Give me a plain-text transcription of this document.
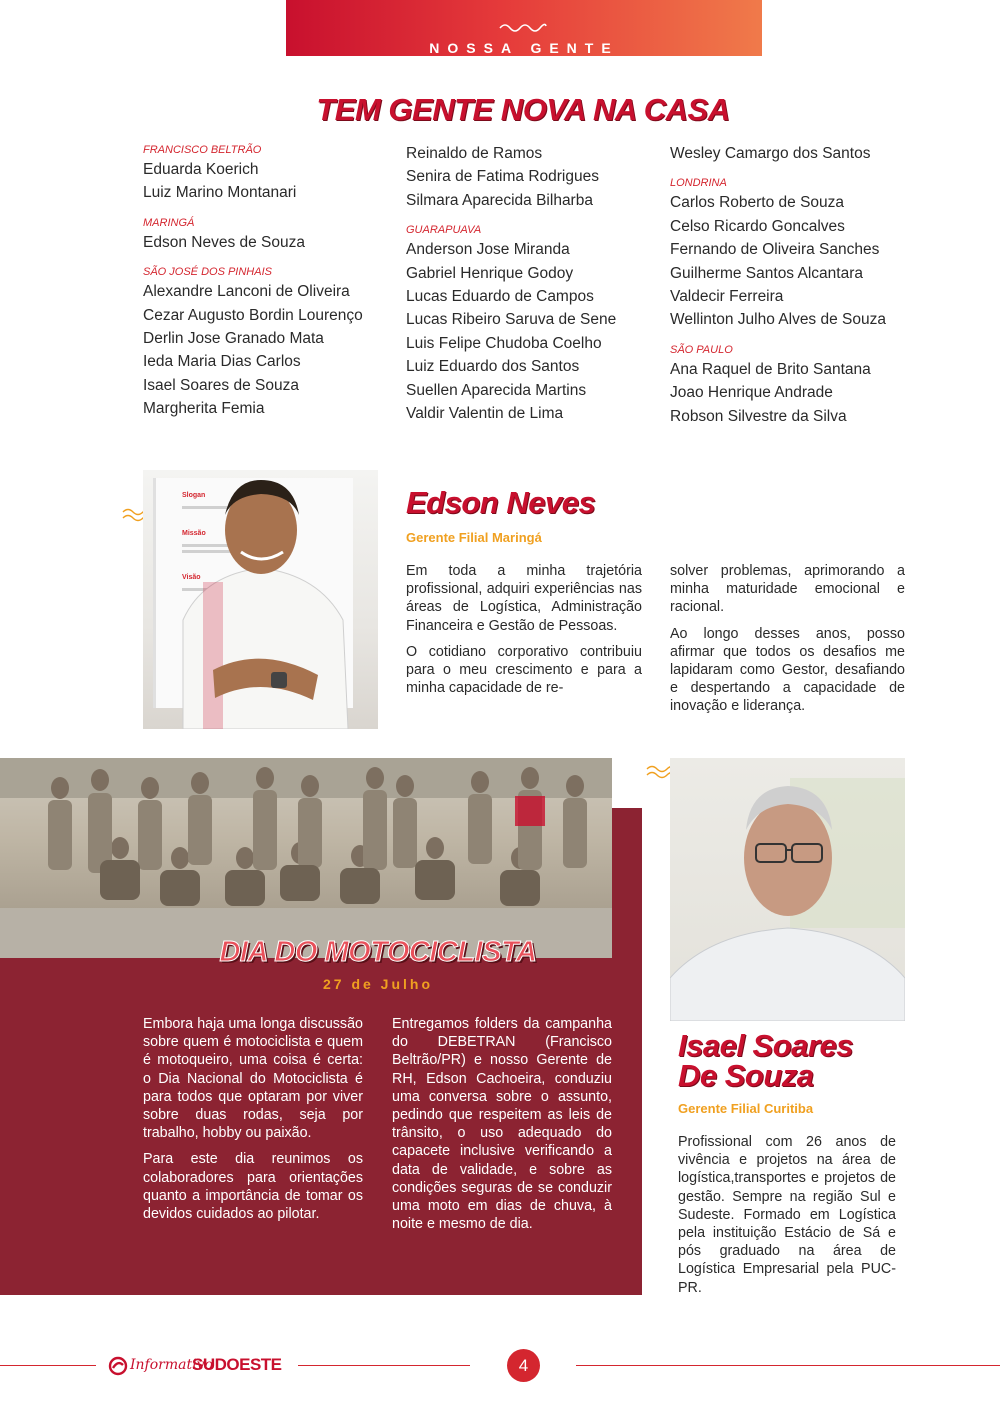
NOSSA GENTE
TEM GENTE NOVA NA CASA
FRANCISCO BELTRÃO
Eduarda Koerich
Luiz Marino Montanari
MARINGÁ
Edson Neves de Souza
SÃO JOSÉ DOS PINHAIS
Alexandre Lanconi de Oliveira
Cezar Augusto Bordin Lourenço
Derlin Jose Granado Mata
Ieda Maria Dias Carlos
Isael Soares de Souza
Margherita Femia
Reinaldo de Ramos
Senira de Fatima Rodrigues
Silmara Aparecida Bilharba
GUARAPUAVA
Anderson Jose Miranda
Gabriel Henrique Godoy
Lucas Eduardo de Campos
Lucas Ribeiro Saruva de Sene
Luis Felipe Chudoba Coelho
Luiz Eduardo dos Santos
Suellen Aparecida Martins
Valdir Valentin de Lima
Wesley Camargo dos Santos
LONDRINA
Carlos Roberto de Souza
Celso Ricardo Goncalves
Fernando de Oliveira Sanches
Guilherme Santos Alcantara
Valdecir Ferreira
Wellinton Julho Alves de Souza
SÃO PAULO
Ana Raquel de Brito Santana
Joao Henrique Andrade
Robson Silvestre da Silva
Slogan
Missão
Visão
Edson Neves
Gerente Filial Maringá

Em toda a minha trajetória profissional, adquiri experiências nas áreas de Logística, Administração Financeira e Gestão de Pessoas.

O cotidiano corporativo contribuiu para o meu crescimento e para a minha capacidade de re-

solver problemas, aprimorando a minha maturidade emocional e racional.

Ao longo desses anos, posso afirmar que todos os desafios me lapidaram como Gestor, desafiando e despertando a capacidade de inovação e liderança.

DIA DO MOTOCICLISTA
27 de Julho

Embora haja uma longa discussão sobre quem é motociclista e quem é motoqueiro, uma coisa é certa: o Dia Nacional do Motociclista é para todos que optaram por viver sobre duas rodas, seja por trabalho, hobby ou paixão.

Para este dia reunimos os colaboradores para orientações quanto a importância de tomar os devidos cuidados ao pilotar.

Entregamos folders da campanha do DEBETRAN (Francisco Beltrão/PR) e nosso Gerente de RH, Edson Cachoeira, conduziu uma conversa sobre o assunto, pedindo que respeitem as leis de trânsito, o uso adequado do capacete inclusive verificando a data de validade, e sobre as condições seguras de se conduzir uma moto em dias de chuva, à noite e mesmo de dia.

Isael Soares
De Souza
Gerente Filial Curitiba

Profissional com 26 anos de vivência e projetos na área de logística,transportes e projetos de gestão. Sempre na região Sul e Sudeste. Formado em Logística pela instituição Estácio de Sá e pós graduado na área de Logística Empresarial pela PUC-PR.

Informativo
SUDOESTE	4
